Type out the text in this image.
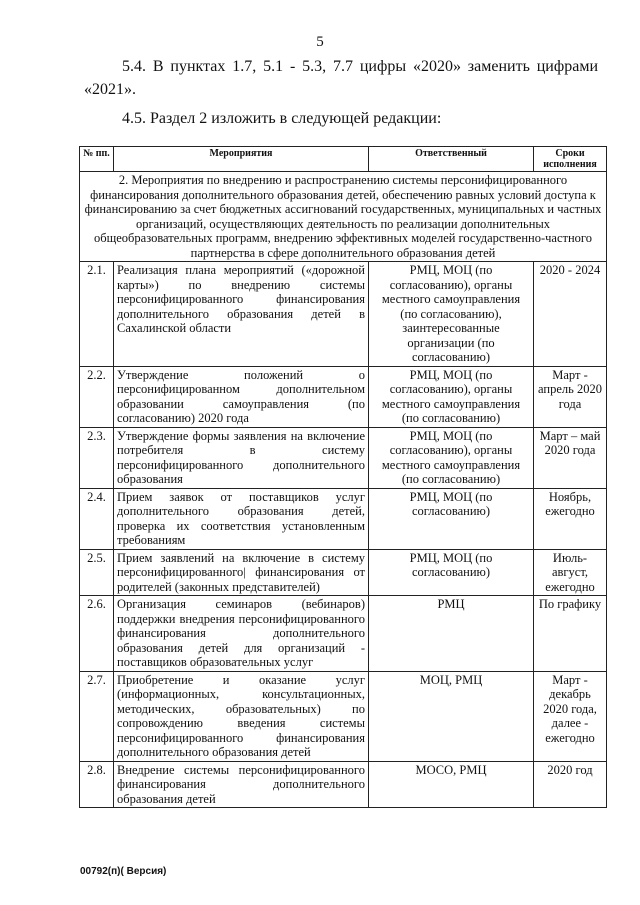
5
5.4. В пунктах 1.7, 5.1 - 5.3, 7.7 цифры «2020» заменить цифрами «2021».
4.5. Раздел 2 изложить в следующей редакции:
№ пп.	Мероприятия	Ответственный	Сроки исполнения
2. Мероприятия по внедрению и распространению системы персонифицированного финансирования дополнительного образования детей, обеспечению равных условий доступа к финансированию за счет бюджетных ассигнований государственных, муниципальных и частных организаций, осуществляющих деятельность по реализации дополнительных общеобразовательных программ, внедрению эффективных моделей государственно-частного партнерства в сфере дополнительного образования детей			
2.1.	Реализация плана мероприятий («дорожной карты») по внедрению системы персонифицированного финансирования дополнительного образования детей в Сахалинской области	РМЦ, МОЦ (по согласованию), органы местного самоуправления (по согласованию), заинтересованные организации (по согласованию)	2020 - 2024
2.2.	Утверждение положений о персонифицированном дополнительном образовании самоуправления (по согласованию) 2020 года	РМЦ, МОЦ (по согласованию), органы местного самоуправления (по согласованию)	Март - апрель 2020 года
2.3.	Утверждение формы заявления на включение потребителя в систему персонифицированного дополнительного образования	РМЦ, МОЦ (по согласованию), органы местного самоуправления (по согласованию)	Март – май 2020 года
2.4.	Прием заявок от поставщиков услуг дополнительного образования детей, проверка их соответствия установленным требованиям	РМЦ, МОЦ (по согласованию)	Ноябрь, ежегодно
2.5.	Прием заявлений на включение в систему персонифицированного| финансирования от родителей (законных представителей)	РМЦ, МОЦ (по согласованию)	Июль- август, ежегодно
2.6.	Организация семинаров (вебинаров) поддержки внедрения персонифицированного финансирования дополнительного образования детей для организаций - поставщиков образовательных услуг	РМЦ	По графику
2.7.	Приобретение и оказание услуг (информационных, консультационных, методических, образовательных) по сопровождению введения системы персонифицированного финансирования дополнительного образования детей	МОЦ, РМЦ	Март - декабрь 2020 года, далее - ежегодно
2.8.	Внедрение системы персонифицированного финансирования дополнительного образования детей	МОСО, РМЦ	2020 год
00792(п)( Версия)
